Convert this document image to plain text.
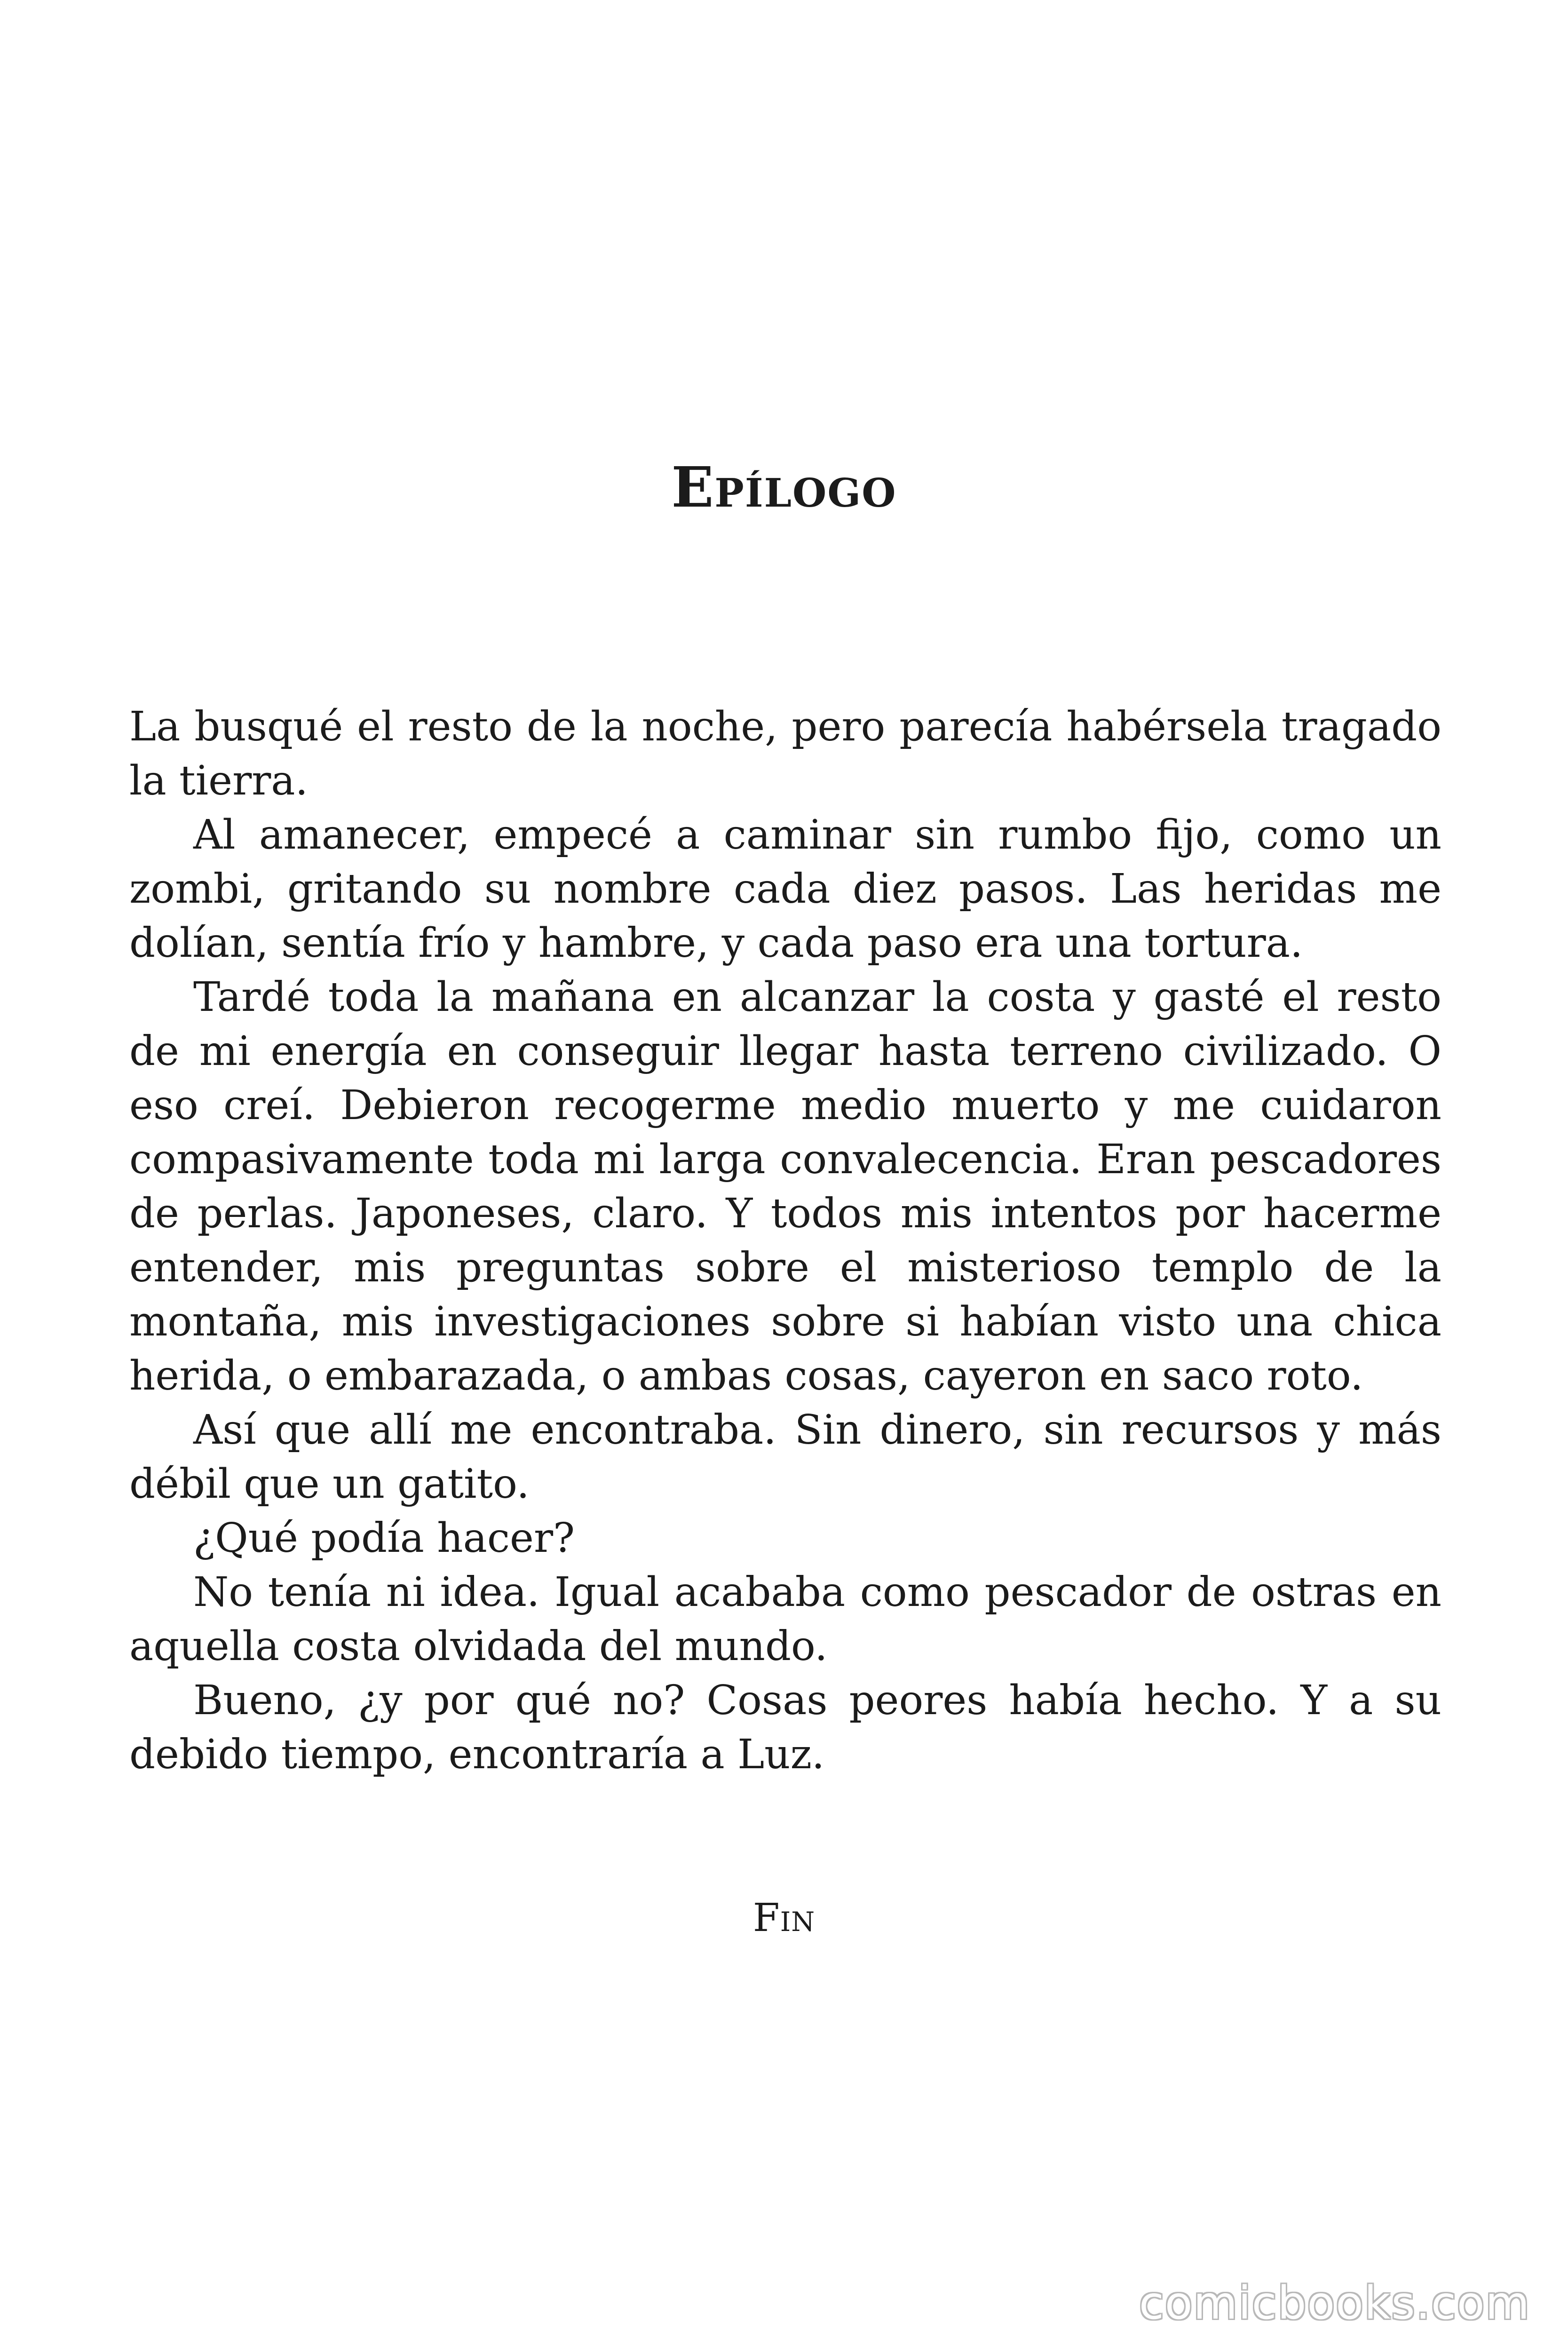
Epílogo

La busqué el resto de la noche, pero parecía habérsela tragado la tierra.

Al amanecer, empecé a caminar sin rumbo fijo, como un zombi, gritando su nombre cada diez pasos. Las heridas me dolían, sentía frío y hambre, y cada paso era una tortura.

Tardé toda la mañana en alcanzar la costa y gasté el resto de mi energía en conseguir llegar hasta terreno civilizado. O eso creí. Debieron recogerme medio muerto y me cuidaron compasivamente toda mi larga convalecencia. Eran pescadores de perlas. Japoneses, claro. Y todos mis intentos por hacerme entender, mis preguntas sobre el misterioso templo de la montaña, mis investigaciones sobre si habían visto una chica herida, o embarazada, o ambas cosas, cayeron en saco roto.

Así que allí me encontraba. Sin dinero, sin recursos y más débil que un gatito.

¿Qué podía hacer?

No tenía ni idea. Igual acababa como pescador de ostras en aquella costa olvidada del mundo.

Bueno, ¿y por qué no? Cosas peores había hecho. Y a su debido tiempo, encontraría a Luz.

Fin
comicbooks.com
